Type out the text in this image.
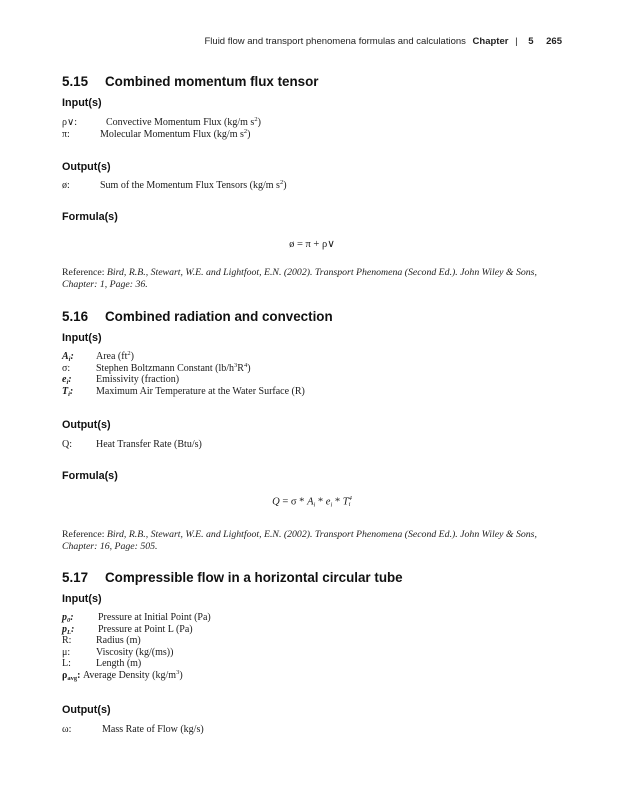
Fluid flow and transport phenomena formulas and calculations Chapter | 5 265
5.15 Combined momentum flux tensor
Input(s)
ρ∨:	Convective Momentum Flux (kg/m $s^2$)
π:	Molecular Momentum Flux (kg/m $s^2$)
Output(s)
ø:	Sum of the Momentum Flux Tensors (kg/m $s^2$)
Formula(s)
ø = π + ρ∨
Reference: Bird, R.B., Stewart, W.E. and Lightfoot, E.N. (2002). Transport Phenomena (Second Ed.). John Wiley & Sons, Chapter: 1, Page: 36.
5.16 Combined radiation and convection
Input(s)
$A_i$: Area $(ft^2)$
σ:	Stephen Boltzmann Constant $(lb/h^3R^4)$
$e_i$: Emissivity (fraction)
$T_i$: Maximum Air Temperature at the Water Surface (R)
Output(s)
Q: Heat Transfer Rate (Btu/s)
Formula(s)
$Q = \sigma * A_i * e_i * T$ 4
i
Reference: Bird, R.B., Stewart, W.E. and Lightfoot, E.N. (2002). Transport Phenomena (Second Ed.). John Wiley & Sons, Chapter: 16, Page: 505.
5.17 Compressible flow in a horizontal circular tube
Input(s)
$p_0$: Pressure at Initial Point (Pa)
$p_L$: Pressure at Point L (Pa)
R: Radius (m)
μ:	Viscosity (kg/(ms))
L:	Length (m)
$\rho_{avg}$: Average Density $(kg/m^3)$
Output(s)
ω:	Mass Rate of Flow (kg/s)
